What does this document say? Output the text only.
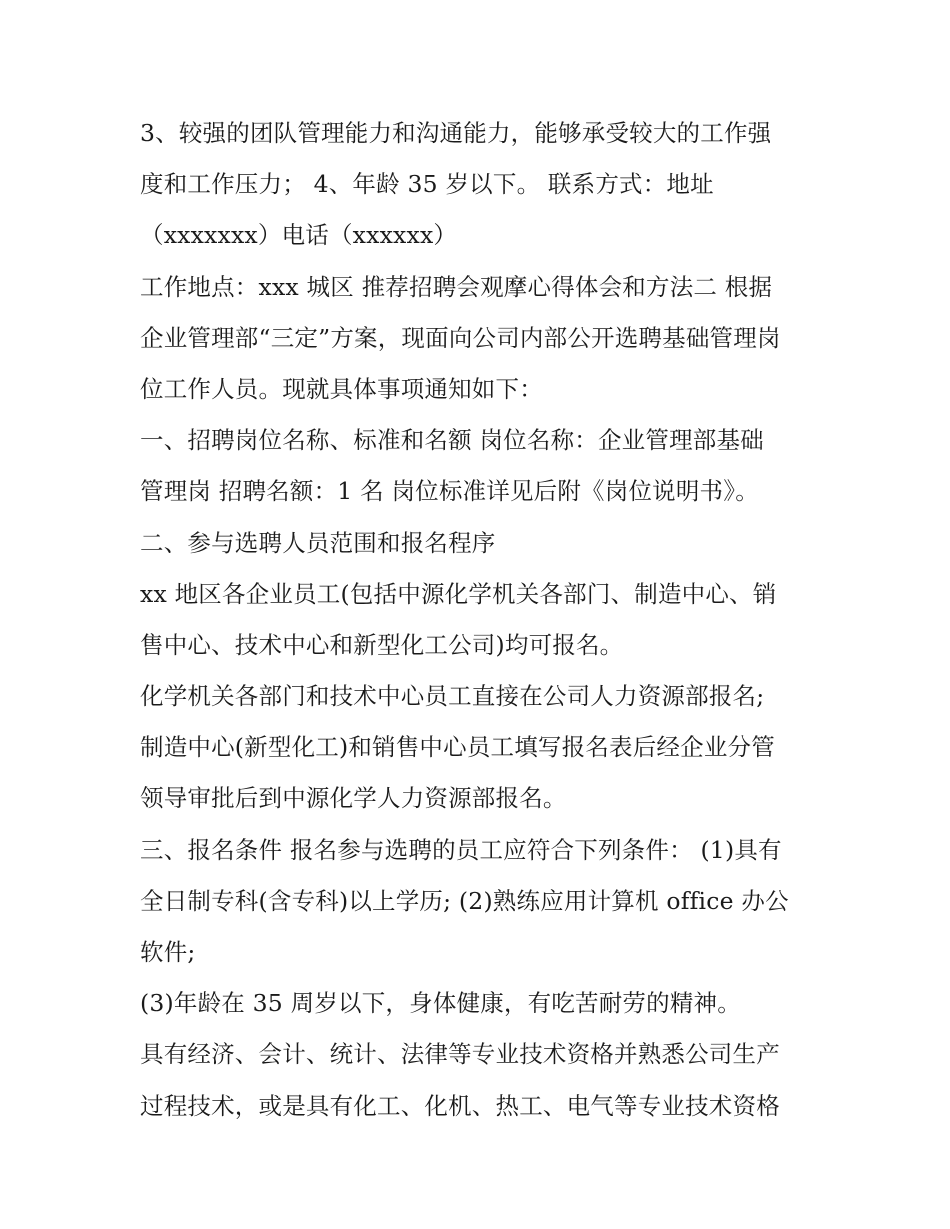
3、较强的团队管理能力和沟通能力，能够承受较大的工作强
度和工作压力； 4、年龄 35 岁以下。 联系方式：地址
（xxxxxxx）电话（xxxxxx）
工作地点：xxx 城区 推荐招聘会观摩心得体会和方法二 根据
企业管理部“三定”方案，现面向公司内部公开选聘基础管理岗
位工作人员。现就具体事项通知如下：
一、招聘岗位名称、标准和名额 岗位名称：企业管理部基础
管理岗 招聘名额：1 名 岗位标准详见后附《岗位说明书》。
二、参与选聘人员范围和报名程序
xx 地区各企业员工(包括中源化学机关各部门、制造中心、销
售中心、技术中心和新型化工公司)均可报名。
化学机关各部门和技术中心员工直接在公司人力资源部报名;
制造中心(新型化工)和销售中心员工填写报名表后经企业分管
领导审批后到中源化学人力资源部报名。
三、报名条件 报名参与选聘的员工应符合下列条件： (1)具有
全日制专科(含专科)以上学历; (2)熟练应用计算机 office 办公
软件;
(3)年龄在 35 周岁以下，身体健康，有吃苦耐劳的精神。
具有经济、会计、统计、法律等专业技术资格并熟悉公司生产
过程技术，或是具有化工、化机、热工、电气等专业技术资格
